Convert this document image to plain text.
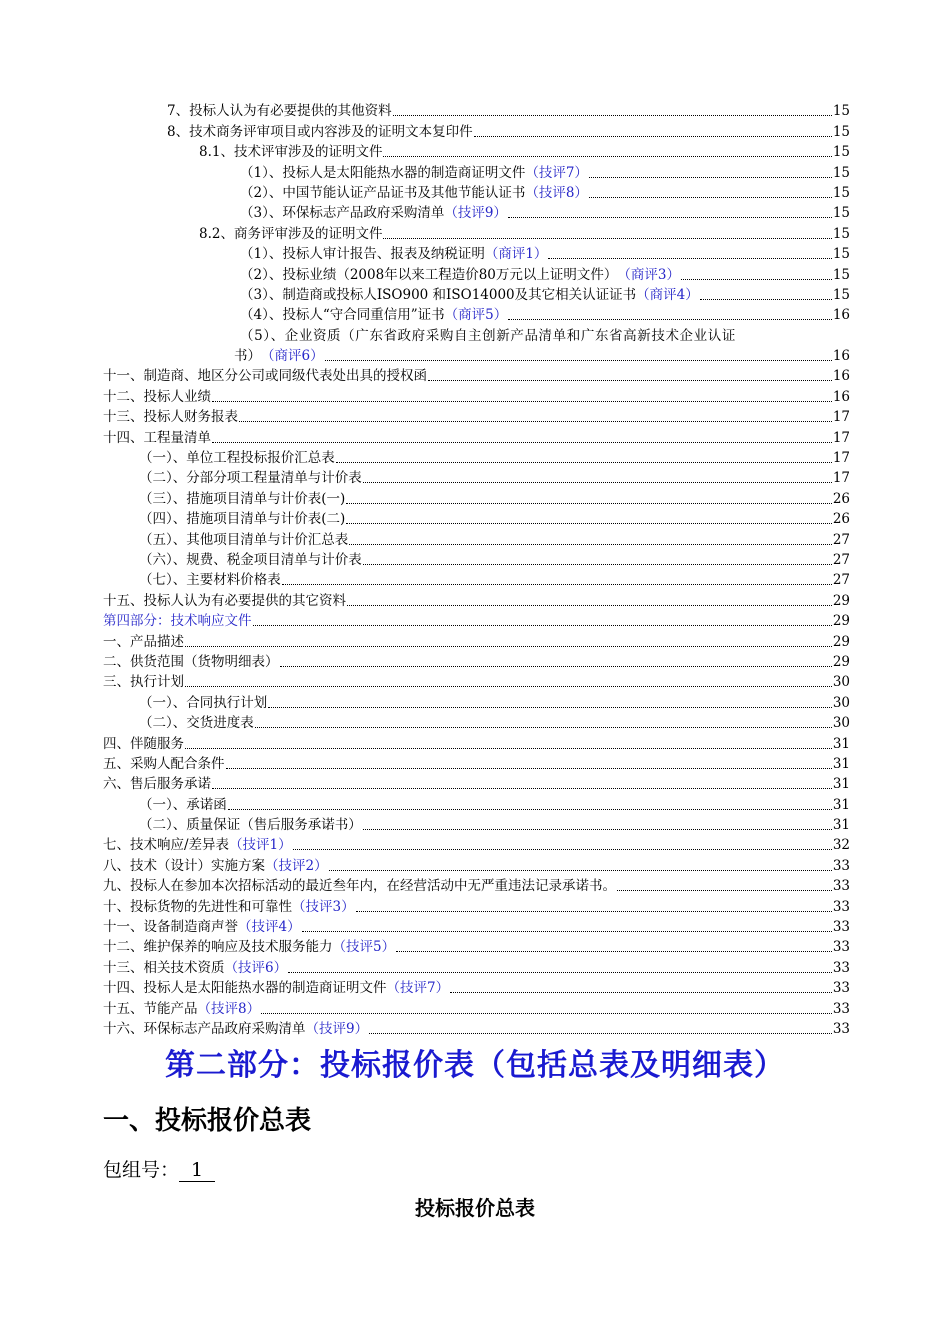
7、投标人认为有必要提供的其他资料	15
8、技术商务评审项目或内容涉及的证明文本复印件	15
8.1、技术评审涉及的证明文件	15
（1）、投标人是太阳能热水器的制造商证明文件 （技评7）	15
（2）、中国节能认证产品证书及其他节能认证书 （技评8）	15
（3）、环保标志产品政府采购清单 （技评9）	15
8.2、商务评审涉及的证明文件	15
（1）、投标人审计报告、报表及纳税证明 （商评1）	15
（2）、投标业绩（2008年以来工程造价80万元以上证明文件） （商评3）	15
（3）、制造商或投标人ISO900 和ISO14000及其它相关认证证书 （商评4）	15
（4）、投标人“守合同重信用”证书 （商评5）	16
（5）、企业资质（广东省政府采购自主创新产品清单和广东省高新技术企业认证
书） （商评6）	16
十一、制造商、地区分公司或同级代表处出具的授权函	16
十二、投标人业绩	16
十三、投标人财务报表	17
十四、工程量清单	17
（一）、单位工程投标报价汇总表	17
（二）、分部分项工程量清单与计价表	17
（三）、措施项目清单与计价表(一)	26
（四）、措施项目清单与计价表(二)	26
（五）、其他项目清单与计价汇总表	27
（六）、规费、税金项目清单与计价表	27
（七）、主要材料价格表	27
十五、投标人认为有必要提供的其它资料	29
第四部分：技术响应文件	29
一、产品描述	29
二、供货范围（货物明细表）	29
三、执行计划	30
（一）、合同执行计划	30
（二）、交货进度表	30
四、伴随服务	31
五、采购人配合条件	31
六、售后服务承诺	31
（一）、承诺函	31
（二）、质量保证（售后服务承诺书）	31
七、技术响应/差异表 （技评1）	32
八、技术（设计）实施方案 （技评2）	33
九、投标人在参加本次招标活动的最近叁年内，在经营活动中无严重违法记录承诺书。	33
十、投标货物的先进性和可靠性 （技评3）	33
十一、设备制造商声誉 （技评4）	33
十二、维护保养的响应及技术服务能力 （技评5）	33
十三、相关技术资质 （技评6）	33
十四、投标人是太阳能热水器的制造商证明文件 （技评7）	33
十五、节能产品 （技评8）	33
十六、环保标志产品政府采购清单 （技评9）	33
第二部分：投标报价表（包括总表及明细表）
一、投标报价总表
包组号： 1
投标报价总表
